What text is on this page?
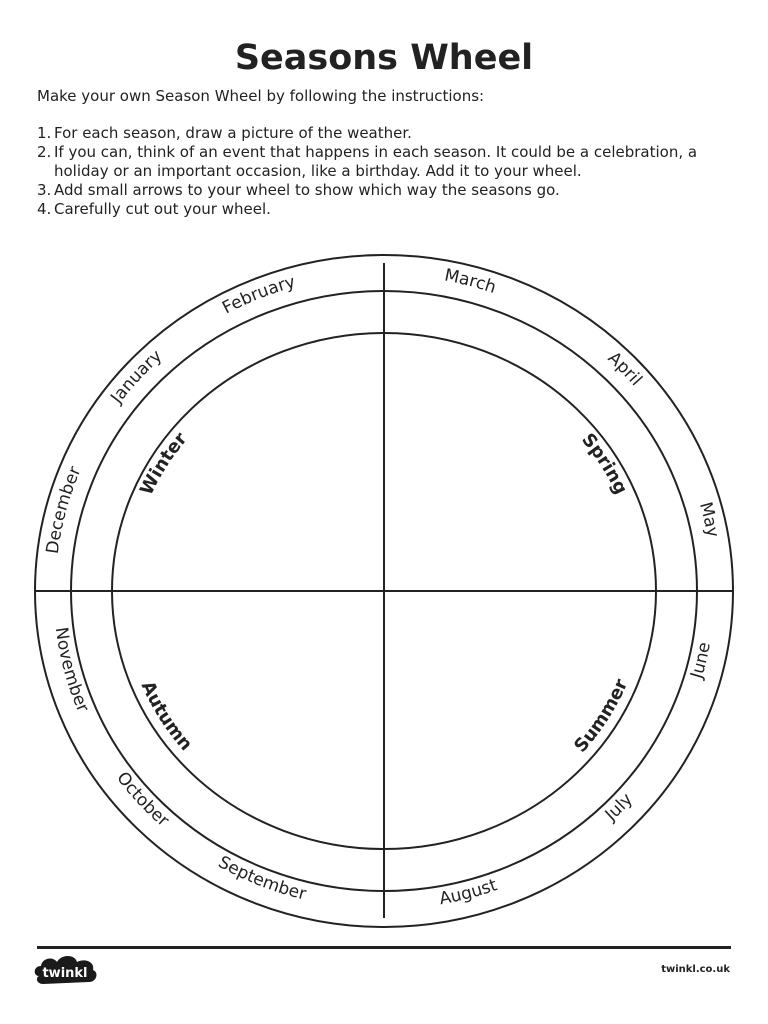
Seasons Wheel
Make your own Season Wheel by following the instructions:
1. For each season, draw a picture of the weather.
2. If you can, think of an event that happens in each season. It could be a celebration, a holiday or an important occasion, like a birthday. Add it to your wheel.
3. Add small arrows to your wheel to show which way the seasons go.
4. Carefully cut out your wheel.
December
January
February	March
April
May
June
July
August
September
October
November
Winter	Spring
Summer
Autumn
twinkl	twinkl.co.uk
